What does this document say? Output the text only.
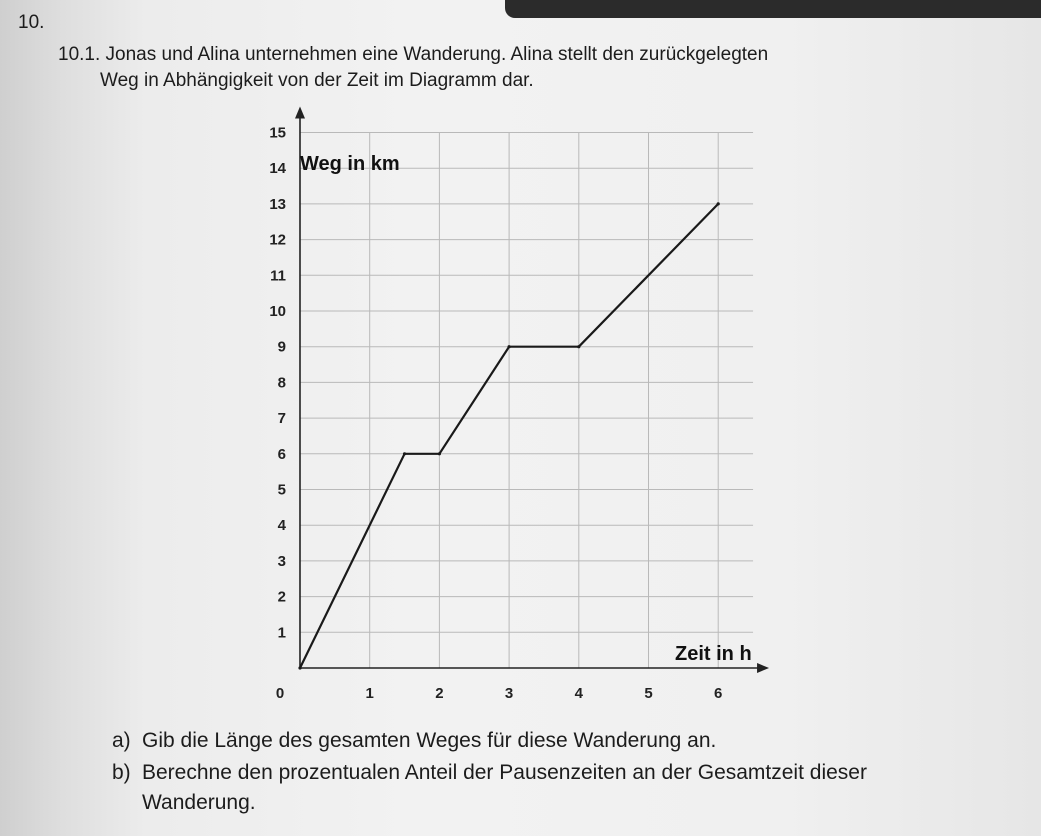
10.
10.1. Jonas und Alina unternehmen eine Wanderung. Alina stellt den zurückgelegten
Weg in Abhängigkeit von der Zeit im Diagramm dar.
0	1	2	3	4	5	6
1
2
3
4
5
6
7
8
9
10
11
12
13
14
15
Weg in km
Zeit in h
a) Gib die Länge des gesamten Weges für diese Wanderung an.
b) Berechne den prozentualen Anteil der Pausenzeiten an der Gesamtzeit dieser
Wanderung.
